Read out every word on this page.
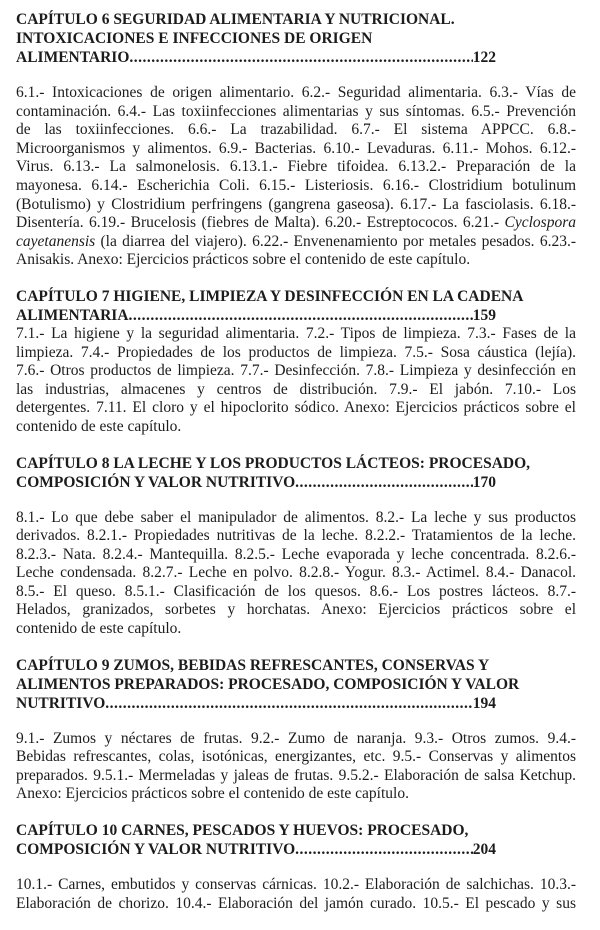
CAPÍTULO 6 SEGURIDAD ALIMENTARIA Y NUTRICIONAL.
INTOXICACIONES E INFECCIONES DE ORIGEN
ALIMENTARIO .....	122
6.1.- Intoxicaciones de origen alimentario. 6.2.- Seguridad alimentaria. 6.3.- Vías de
contaminación. 6.4.- Las toxiinfecciones alimentarias y sus síntomas. 6.5.- Prevención
de las toxiinfecciones. 6.6.- La trazabilidad. 6.7.- El sistema APPCC. 6.8.-
Microorganismos y alimentos. 6.9.- Bacterias. 6.10.- Levaduras. 6.11.- Mohos. 6.12.-
Virus. 6.13.- La salmonelosis. 6.13.1.- Fiebre tifoidea. 6.13.2.- Preparación de la
mayonesa. 6.14.- Escherichia Coli. 6.15.- Listeriosis. 6.16.- Clostridium botulinum
(Botulismo) y Clostridium perfringens (gangrena gaseosa). 6.17.- La fasciolasis. 6.18.-
Disentería. 6.19.- Brucelosis (fiebres de Malta). 6.20.- Estreptococos. 6.21.- Cyclospora
cayetanensis (la diarrea del viajero). 6.22.- Envenenamiento por metales pesados. 6.23.-
Anisakis. Anexo: Ejercicios prácticos sobre el contenido de este capítulo.
CAPÍTULO 7 HIGIENE, LIMPIEZA Y DESINFECCIÓN EN LA CADENA
ALIMENTARIA .....	159
7.1.- La higiene y la seguridad alimentaria. 7.2.- Tipos de limpieza. 7.3.- Fases de la
limpieza. 7.4.- Propiedades de los productos de limpieza. 7.5.- Sosa cáustica (lejía).
7.6.- Otros productos de limpieza. 7.7.- Desinfección. 7.8.- Limpieza y desinfección en
las industrias, almacenes y centros de distribución. 7.9.- El jabón. 7.10.- Los
detergentes. 7.11. El cloro y el hipoclorito sódico. Anexo: Ejercicios prácticos sobre el
contenido de este capítulo.
CAPÍTULO 8 LA LECHE Y LOS PRODUCTOS LÁCTEOS: PROCESADO,
COMPOSICIÓN Y VALOR NUTRITIVO .....	170
8.1.- Lo que debe saber el manipulador de alimentos. 8.2.- La leche y sus productos
derivados. 8.2.1.- Propiedades nutritivas de la leche. 8.2.2.- Tratamientos de la leche.
8.2.3.- Nata. 8.2.4.- Mantequilla. 8.2.5.- Leche evaporada y leche concentrada. 8.2.6.-
Leche condensada. 8.2.7.- Leche en polvo. 8.2.8.- Yogur. 8.3.- Actimel. 8.4.- Danacol.
8.5.- El queso. 8.5.1.- Clasificación de los quesos. 8.6.- Los postres lácteos. 8.7.-
Helados, granizados, sorbetes y horchatas. Anexo: Ejercicios prácticos sobre el
contenido de este capítulo.
CAPÍTULO 9 ZUMOS, BEBIDAS REFRESCANTES, CONSERVAS Y
ALIMENTOS PREPARADOS: PROCESADO, COMPOSICIÓN Y VALOR
NUTRITIVO .....	194
9.1.- Zumos y néctares de frutas. 9.2.- Zumo de naranja. 9.3.- Otros zumos. 9.4.-
Bebidas refrescantes, colas, isotónicas, energizantes, etc. 9.5.- Conservas y alimentos
preparados. 9.5.1.- Mermeladas y jaleas de frutas. 9.5.2.- Elaboración de salsa Ketchup.
Anexo: Ejercicios prácticos sobre el contenido de este capítulo.
CAPÍTULO 10 CARNES, PESCADOS Y HUEVOS: PROCESADO,
COMPOSICIÓN Y VALOR NUTRITIVO .....	204
10.1.- Carnes, embutidos y conservas cárnicas. 10.2.- Elaboración de salchichas. 10.3.-
Elaboración de chorizo. 10.4.- Elaboración del jamón curado. 10.5.- El pescado y sus
